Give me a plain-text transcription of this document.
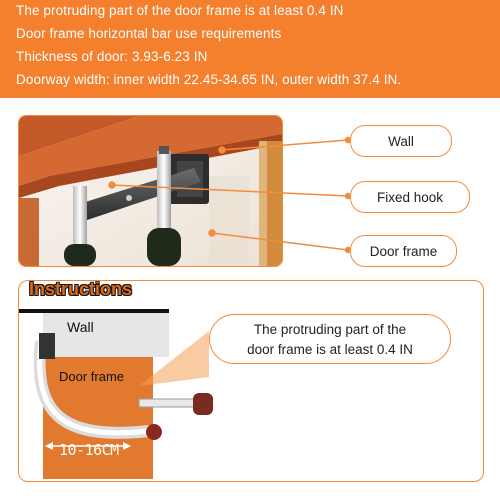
The protruding part of the door frame is at least 0.4 IN
Door frame horizontal bar use requirements
Thickness of door: 3.93-6.23 IN
Doorway width: inner width 22.45-34.65 IN, outer width 37.4 IN.
Wall
Fixed hook
Door frame
Instructions
Wall
Door frame
10-16CM
The protruding part of the
door frame is at least 0.4 IN
